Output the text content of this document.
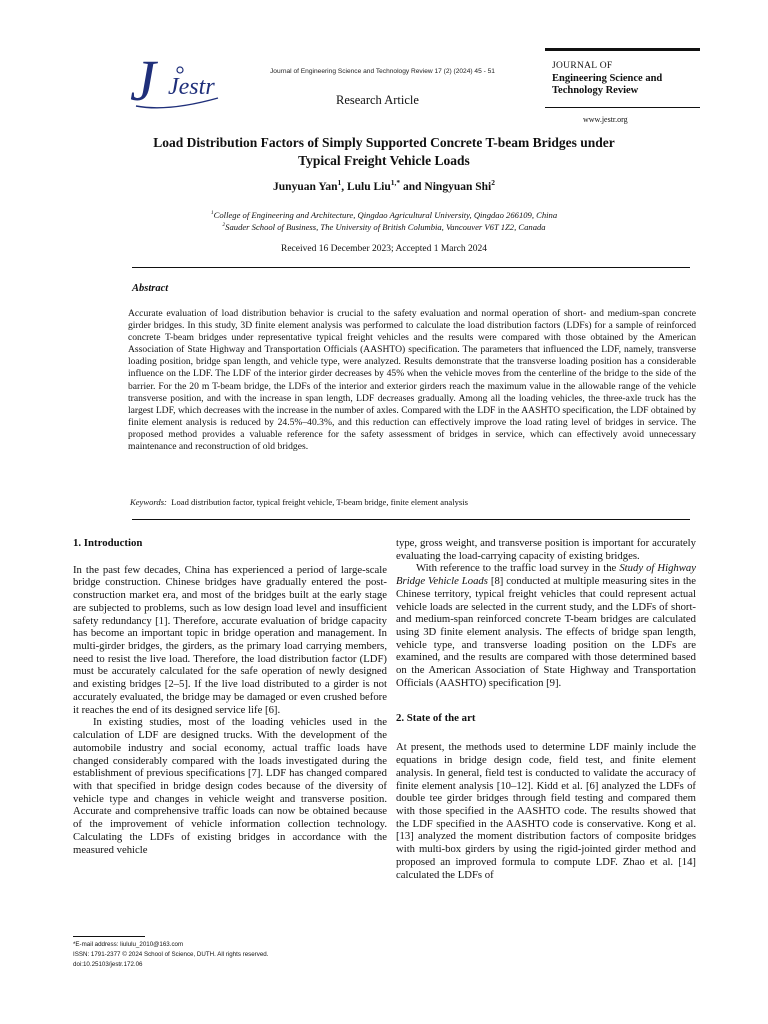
J Jestr
Journal of Engineering Science and Technology Review 17 (2) (2024) 45 - 51
Research Article
JOURNAL OF
Engineering Science and
Technology Review
www.jestr.org
Load Distribution Factors of Simply Supported Concrete T-beam Bridges under
Typical Freight Vehicle Loads
Junyuan Yan$^1$, Lulu Liu$^{1,*}$ and Ningyuan Shi$^2$
$^1$College of Engineering and Architecture, Qingdao Agricultural University, Qingdao 266109, China
$^2$Sauder School of Business, The University of British Columbia, Vancouver V6T 1Z2, Canada
Received 16 December 2023; Accepted 1 March 2024
Abstract
Accurate evaluation of load distribution behavior is crucial to the safety evaluation and normal operation of short- and medium-span concrete girder bridges. In this study, 3D finite element analysis was performed to calculate the load distribution factors (LDFs) for a sample of reinforced concrete T-beam bridges under representative typical freight vehicles and the results were compared with those obtained by the American Association of State Highway and Transportation Officials (AASHTO) specification. The parameters that influenced the LDF, namely, transverse loading position, bridge span length, and vehicle type, were analyzed. Results demonstrate that the transverse loading position has a considerable influence on the LDF. The LDF of the interior girder decreases by 45% when the vehicle moves from the centerline of the bridge to the side of the barrier. For the 20 m T-beam bridge, the LDFs of the interior and exterior girders reach the maximum value in the allowable range of the vehicle transverse position, and with the increase in span length, LDF decreases gradually. Among all the loading vehicles, the three-axle truck has the largest LDF, which decreases with the increase in the number of axles. Compared with the LDF in the AASHTO specification, the LDF obtained by finite element analysis is reduced by 24.5%–40.3%, and this reduction can effectively improve the load rating level of bridges in service. The proposed method provides a valuable reference for the safety assessment of bridges in service, which can effectively avoid unnecessary maintenance and reconstruction of old bridges.
Keywords: Load distribution factor, typical freight vehicle, T-beam bridge, finite element analysis
1. Introduction

In the past few decades, China has experienced a period of large-scale bridge construction. Chinese bridges have gradually entered the post-construction market era, and most of the bridges built at the early stage are subjected to problems, such as low design load level and insufficient safety redundancy [1]. Therefore, accurate evaluation of bridge capacity has become an important topic in bridge operation and management. In multi-girder bridges, the girders, as the primary load carrying members, need to resist the live load. Therefore, the load distribution factor (LDF) must be accurately calculated for the safe operation of newly designed and existing bridges [2–5]. If the live load distributed to a girder is not accurately evaluated, the bridge may be damaged or even crushed before it reaches the end of its designed service life [6].

In existing studies, most of the loading vehicles used in the calculation of LDF are designed trucks. With the development of the automobile industry and social economy, actual traffic loads have changed considerably compared with the loads investigated during the establishment of previous specifications [7]. LDF has changed compared with that specified in bridge design codes because of the diversity of vehicle type and changes in vehicle weight and transverse position. Accurate and comprehensive traffic loads can now be obtained because of the improvement of vehicle information collection technology. Calculating the LDFs of existing bridges in accordance with the measured vehicle

type, gross weight, and transverse position is important for accurately evaluating the load-carrying capacity of existing bridges.

With reference to the traffic load survey in the Study of Highway Bridge Vehicle Loads [8] conducted at multiple measuring sites in the Chinese territory, typical freight vehicles that could represent actual vehicle loads are selected in the current study, and the LDFs of short- and medium-span reinforced concrete T-beam bridges are calculated using 3D finite element analysis. The effects of bridge span length, vehicle type, and transverse loading position on the LDFs are examined, and the results are compared with those determined based on the American Association of State Highway and Transportation Officials (AASHTO) specification [9].

2. State of the art

At present, the methods used to determine LDF mainly include the equations in bridge design code, field test, and finite element analysis. In general, field test is conducted to validate the accuracy of finite element analysis [10–12]. Kidd et al. [6] analyzed the LDFs of double tee girder bridges through field testing and compared them with those specified in the AASHTO code. The results showed that the LDF specified in the AASHTO code is conservative. Kong et al. [13] analyzed the moment distribution factors of composite bridges with multi-box girders by using the rigid-jointed girder method and proposed an improved formula to compute LDF. Zhao et al. [14] calculated the LDFs of

*E-mail address: liululu_2010@163.com
ISSN: 1791-2377 © 2024 School of Science, DUTH. All rights reserved.
doi:10.25103/jestr.172.06
